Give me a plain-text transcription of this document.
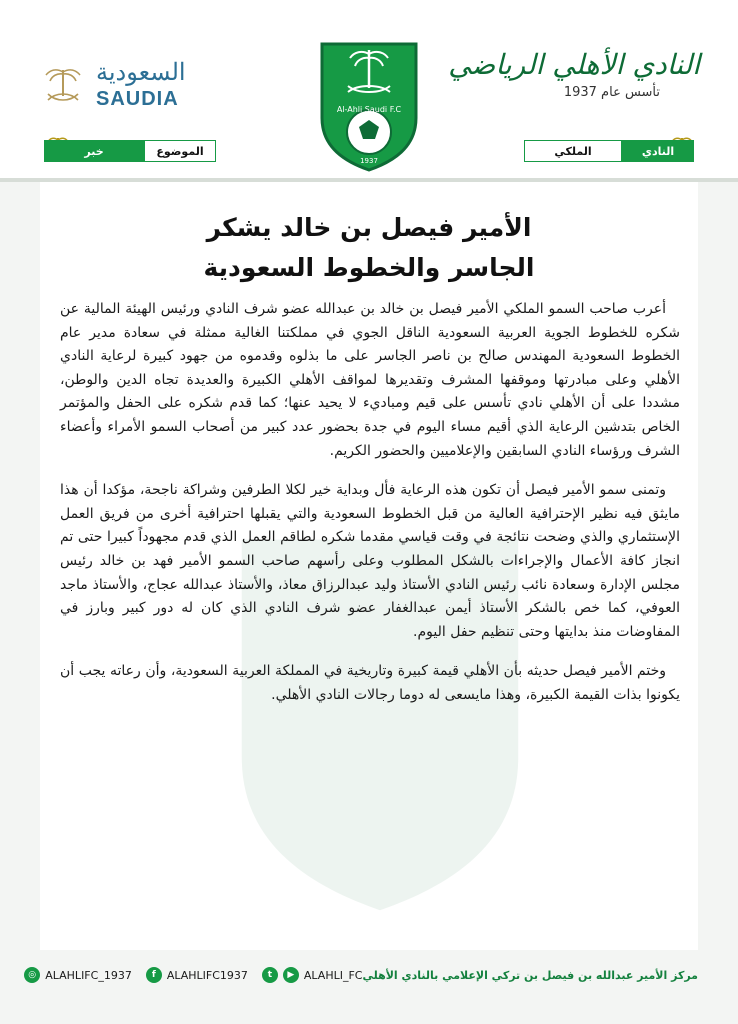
السعودية
SAUDIA	Al-Ahli Saudi F.C
1937
النادي الأهلي الرياضي
تأسس عام 1937
النادي
الملكي
الموضوع
خبر
الأمير فيصل بن خالد يشكر
الجاسر والخطوط السعودية

أعرب صاحب السمو الملكي الأمير فيصل بن خالد بن عبدالله عضو شرف النادي ورئيس الهيئة المالية عن شكره للخطوط الجوية العربية السعودية الناقل الجوي في مملكتنا الغالية ممثلة في سعادة مدير عام الخطوط السعودية المهندس صالح بن ناصر الجاسر على ما بذلوه وقدموه من جهود كبيرة لرعاية النادي الأهلي وعلى مبادرتها وموقفها المشرف وتقديرها لمواقف الأهلي الكبيرة والعديدة تجاه الدين والوطن، مشددا على أن الأهلي نادي تأسس على قيم ومباديء لا يحيد عنها؛ كما قدم شكره على الحفل والمؤتمر الخاص بتدشين الرعاية الذي أقيم مساء اليوم في جدة بحضور عدد كبير من أصحاب السمو الأمراء وأعضاء الشرف ورؤساء النادي السابقين والإعلاميين والحضور الكريم.

وتمنى سمو الأمير فيصل أن تكون هذه الرعاية فأل وبداية خير لكلا الطرفين وشراكة ناجحة، مؤكدا أن هذا مايثق فيه نظير الإحترافية العالية من قبل الخطوط السعودية والتي يقبلها احترافية أخرى من فريق العمل الإستثماري والذي وضحت نتائجة في وقت قياسي مقدما شكره لطاقم العمل الذي قدم مجهوداً كبيرا حتى تم انجاز كافة الأعمال والإجراءات بالشكل المطلوب وعلى رأسهم صاحب السمو الأمير فهد بن خالد رئيس مجلس الإدارة وسعادة نائب رئيس النادي الأستاذ وليد عبدالرزاق معاذ، والأستاذ عبدالله عجاج، والأستاذ ماجد العوفي، كما خص بالشكر الأستاذ أيمن عبدالغفار عضو شرف النادي الذي كان له دور كبير وبارز في المفاوضات منذ بدايتها وحتى تنظيم حفل اليوم.

وختم الأمير فيصل حديثه بأن الأهلي قيمة كبيرة وتاريخية في المملكة العربية السعودية، وأن رعاته يجب أن يكونوا بذات القيمة الكبيرة، وهذا مايسعى له دوما رجالات النادي الأهلي.

مركز الأمير عبدالله بن فيصل بن تركي الإعلامي بالنادي الأهلي
◎ ALAHLIFC_1937	f	ALAHLIFC1937	t	▶ ALAHLI_FC
